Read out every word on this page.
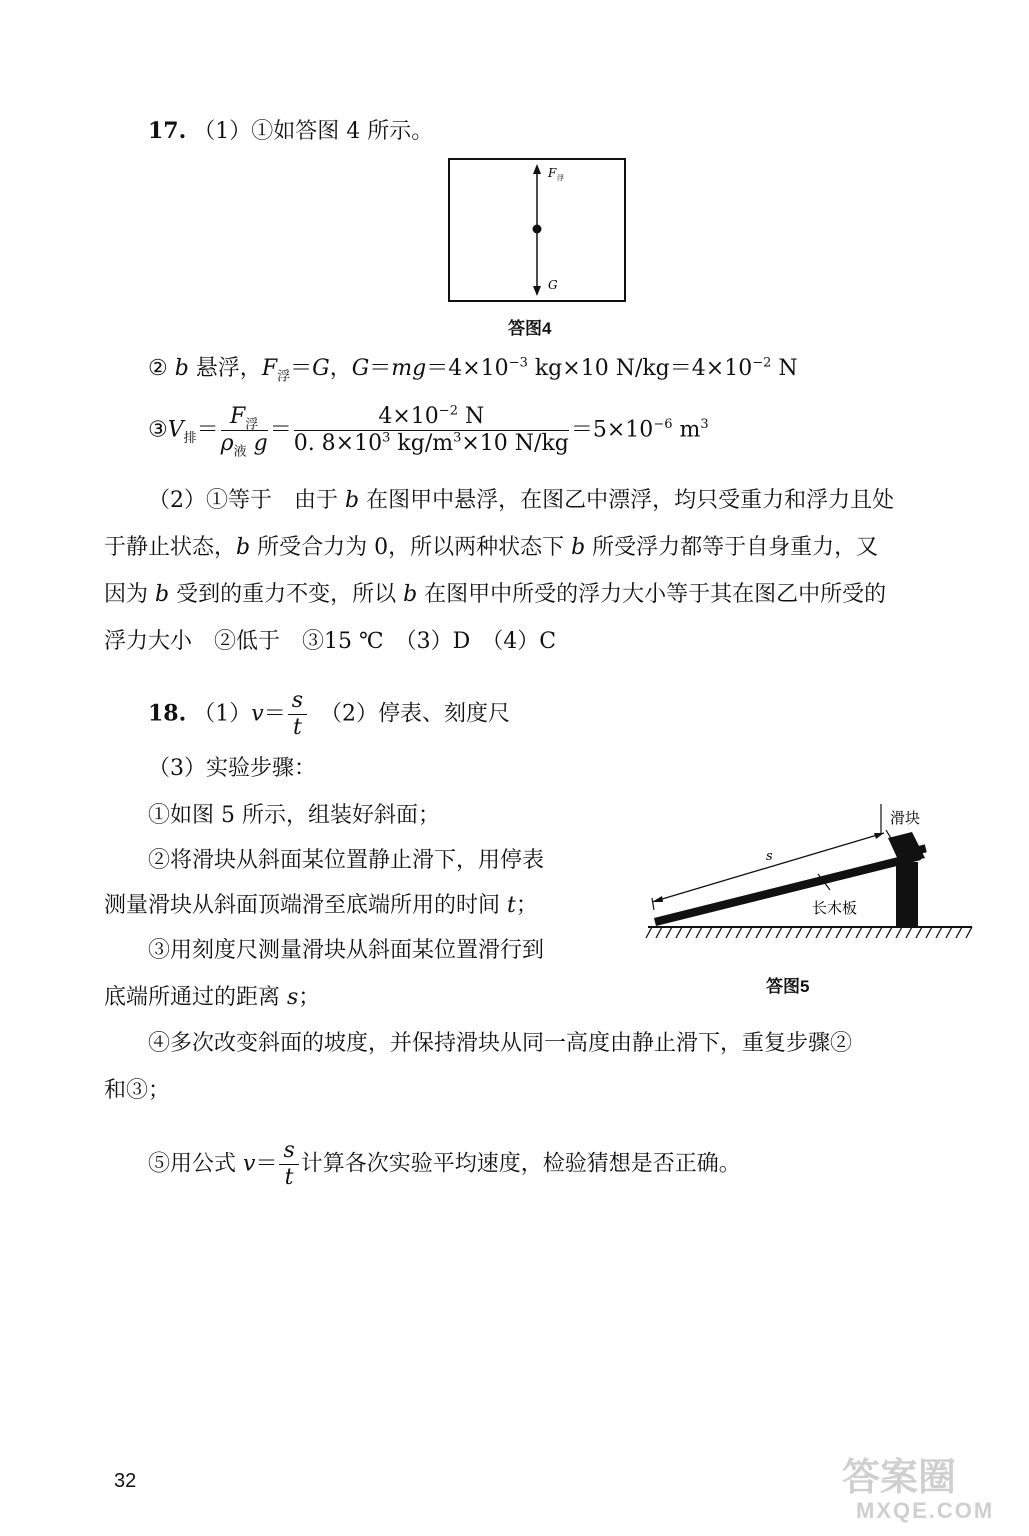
17. （1）①如答图 4 所示。
F 浮
G
答图4
② b 悬浮，$F_浮=G$，$G=mg=4\times 10^{-3}$ kg×10 $N/kg=4\times 10^{-2}$ N
$③V_排= \frac{F_浮}{\rho_液 g} = \frac{4\times 10^{-2} N}{0. 8\times 10^3 kg/m^3\times 10 N/kg} =5\times 10^{-6}$ $m^3$
（2）①等于　由于 b 在图甲中悬浮，在图乙中漂浮，均只受重力和浮力且处
于静止状态，b 所受合力为 0，所以两种状态下 b 所受浮力都等于自身重力，又
因为 b 受到的重力不变，所以 b 在图甲中所受的浮力大小等于其在图乙中所受的
浮力大小　②低于　③15 ℃　（3）D　（4）C
18. $(1)v= \frac{s}{t}$ 　（2）停表、刻度尺
（3）实验步骤：
①如图 5 所示，组装好斜面；
②将滑块从斜面某位置静止滑下，用停表
测量滑块从斜面顶端滑至底端所用的时间 t；
③用刻度尺测量滑块从斜面某位置滑行到
底端所通过的距离 s；
④多次改变斜面的坡度，并保持滑块从同一高度由静止滑下，重复步骤②
和③；
⑤用公式 $v= \frac{s}{t}$ 计算各次实验平均速度，检验猜想是否正确。
s
滑块
长木板
答图5
32	答案圈
MXQE.COM
